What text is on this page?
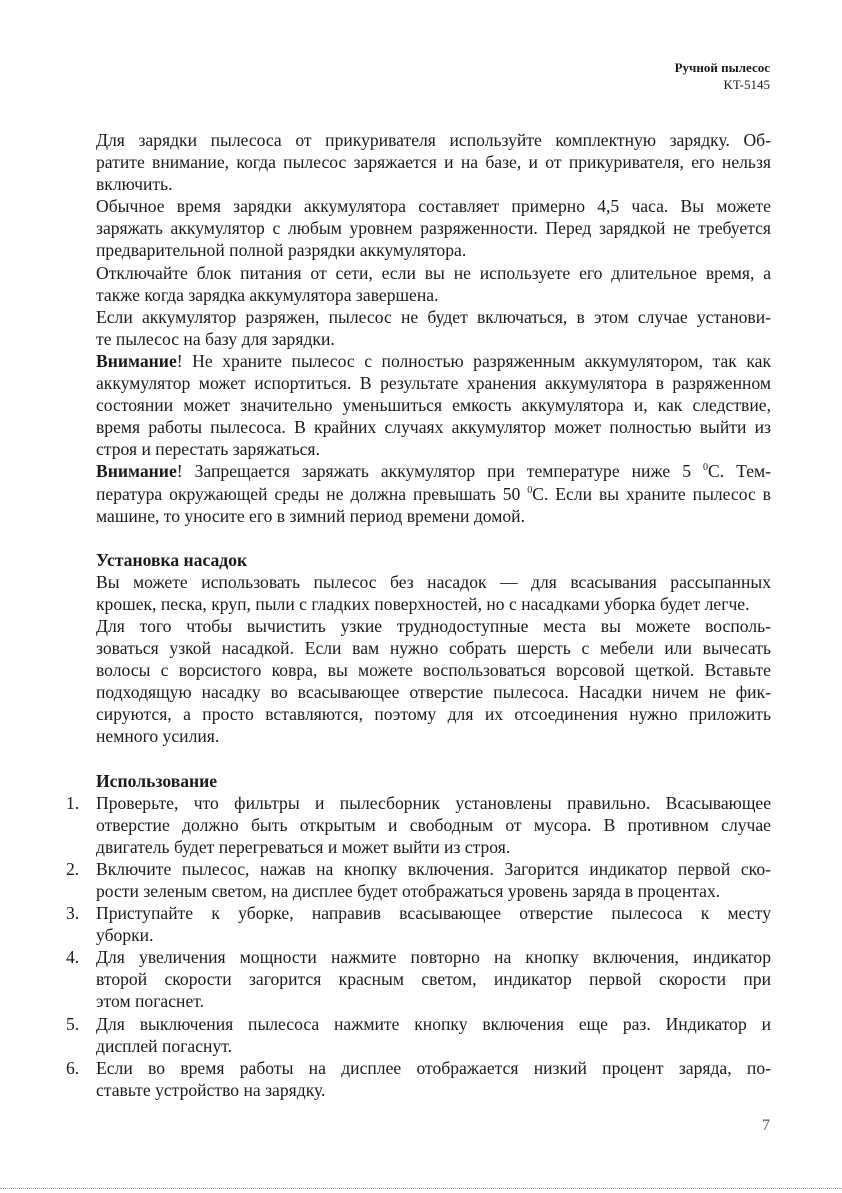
Ручной пылесос
KT-5145

Для зарядки пылесоса от прикуривателя используйте комплектную зарядку. Об-
ратите внимание, когда пылесос заряжается и на базе, и от прикуривателя, его нельзя
включить.

Обычное время зарядки аккумулятора составляет примерно 4,5 часа. Вы можете
заряжать аккумулятор с любым уровнем разряженности. Перед зарядкой не требуется
предварительной полной разрядки аккумулятора.

Отключайте блок питания от сети, если вы не используете его длительное время, а
также когда зарядка аккумулятора завершена.

Если аккумулятор разряжен, пылесос не будет включаться, в этом случае установи-
те пылесос на базу для зарядки.

Внимание! Не храните пылесос с полностью разряженным аккумулятором, так как
аккумулятор может испортиться. В результате хранения аккумулятора в разряженном
состоянии может значительно уменьшиться емкость аккумулятора и, как следствие,
время работы пылесоса. В крайних случаях аккумулятор может полностью выйти из
строя и перестать заряжаться.

Внимание! Запрещается заряжать аккумулятор при температуре ниже 5 $^0$С. Тем-
пература окружающей среды не должна превышать 50 $^0$С. Если вы храните пылесос в
машине, то уносите его в зимний период времени домой.

Установка насадок

Вы можете использовать пылесос без насадок — для всасывания рассыпанных
крошек, песка, круп, пыли с гладких поверхностей, но с насадками уборка будет легче.

Для того чтобы вычистить узкие труднодоступные места вы можете восполь-
зоваться узкой насадкой. Если вам нужно собрать шерсть с мебели или вычесать
волосы с ворсистого ковра, вы можете воспользоваться ворсовой щеткой. Вставьте
подходящую насадку во всасывающее отверстие пылесоса. Насадки ничем не фик-
сируются, а просто вставляются, поэтому для их отсоединения нужно приложить
немного усилия.

Использование
1. Проверьте, что фильтры и пылесборник установлены правильно. Всасывающее
отверстие должно быть открытым и свободным от мусора. В противном случае
двигатель будет перегреваться и может выйти из строя.
2. Включите пылесос, нажав на кнопку включения. Загорится индикатор первой ско-
рости зеленым светом, на дисплее будет отображаться уровень заряда в процентах.
3. Приступайте к уборке, направив всасывающее отверстие пылесоса к месту
уборки.
4. Для увеличения мощности нажмите повторно на кнопку включения, индикатор
второй скорости загорится красным светом, индикатор первой скорости при
этом погаснет.
5. Для выключения пылесоса нажмите кнопку включения еще раз. Индикатор и
дисплей погаснут.
6. Если во время работы на дисплее отображается низкий процент заряда, по-
ставьте устройство на зарядку.
7
